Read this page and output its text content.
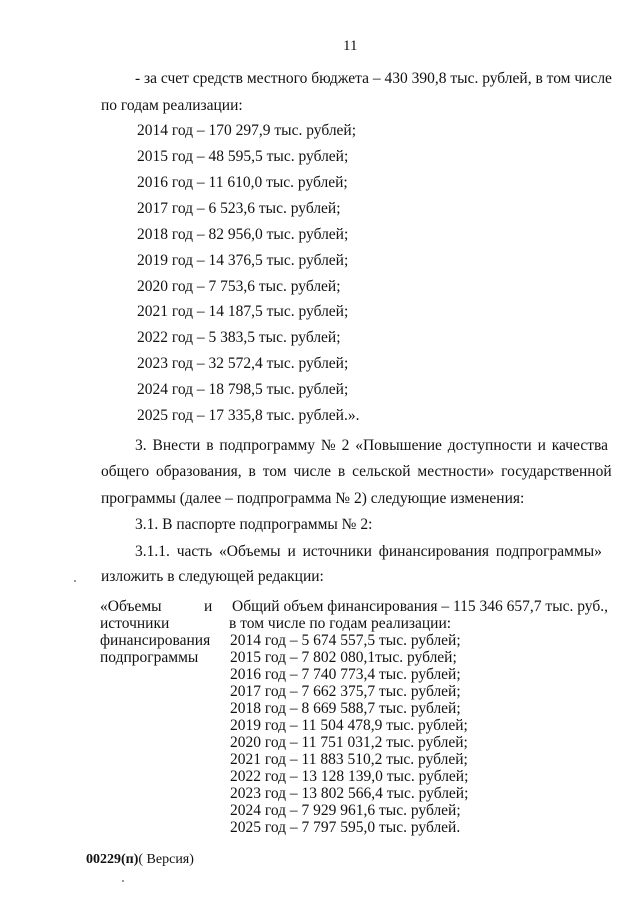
11
- за счет средств местного бюджета – 430 390,8 тыс. рублей, в том числе
по годам реализации:
2014 год – 170 297,9 тыс. рублей;
2015 год – 48 595,5 тыс. рублей;
2016 год – 11 610,0 тыс. рублей;
2017 год – 6 523,6 тыс. рублей;
2018 год – 82 956,0 тыс. рублей;
2019 год – 14 376,5 тыс. рублей;
2020 год – 7 753,6 тыс. рублей;
2021 год – 14 187,5 тыс. рублей;
2022 год – 5 383,5 тыс. рублей;
2023 год – 32 572,4 тыс. рублей;
2024 год – 18 798,5 тыс. рублей;
2025 год – 17 335,8 тыс. рублей.».
3. Внести в подпрограмму № 2 «Повышение доступности и качества
общего образования, в том числе в сельской местности» государственной
программы (далее – подпрограмма № 2) следующие изменения:
3.1. В паспорте подпрограммы № 2:
3.1.1. часть «Объемы и источники финансирования подпрограммы»
изложить в следующей редакции:
«Объемы	и
источники
финансирования
подпрограммы
Общий объем финансирования – 115 346 657,7 тыс. руб.,
в том числе по годам реализации:
2014 год – 5 674 557,5 тыс. рублей;
2015 год – 7 802 080,1тыс. рублей;
2016 год – 7 740 773,4 тыс. рублей;
2017 год – 7 662 375,7 тыс. рублей;
2018 год – 8 669 588,7 тыс. рублей;
2019 год – 11 504 478,9 тыс. рублей;
2020 год – 11 751 031,2 тыс. рублей;
2021 год – 11 883 510,2 тыс. рублей;
2022 год – 13 128 139,0 тыс. рублей;
2023 год – 13 802 566,4 тыс. рублей;
2024 год – 7 929 961,6 тыс. рублей;
2025 год – 7 797 595,0 тыс. рублей.
00229(п)( Версия)
